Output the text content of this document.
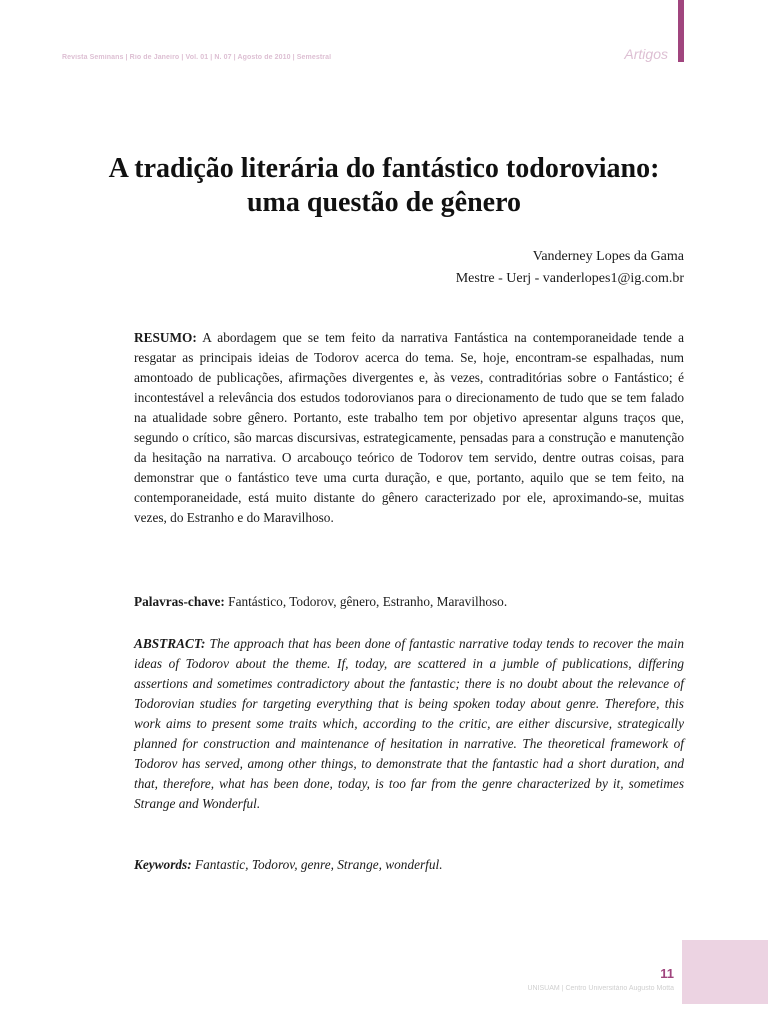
Revista Seminans | Rio de Janeiro | Vol. 01 | N. 07 | Agosto de 2010 | Semestral	Artigos
A tradição literária do fantástico todoroviano:
uma questão de gênero
Vanderney Lopes da Gama
Mestre - Uerj - vanderlopes1@ig.com.br

RESUMO: A abordagem que se tem feito da narrativa Fantástica na contemporaneidade tende a resgatar as principais ideias de Todorov acerca do tema. Se, hoje, encontram-se espalhadas, num amontoado de publicações, afirmações divergentes e, às vezes, contraditórias sobre o Fantástico; é incontestável a relevância dos estudos todorovianos para o direcionamento de tudo que se tem falado na atualidade sobre gênero. Portanto, este trabalho tem por objetivo apresentar alguns traços que, segundo o crítico, são marcas discursivas, estrategicamente, pensadas para a construção e manutenção da hesitação na narrativa. O arcabouço teórico de Todorov tem servido, dentre outras coisas, para demonstrar que o fantástico teve uma curta duração, e que, portanto, aquilo que se tem feito, na contemporaneidade, está muito distante do gênero caracterizado por ele, aproximando-se, muitas vezes, do Estranho e do Maravilhoso.

Palavras-chave: Fantástico, Todorov, gênero, Estranho, Maravilhoso.

ABSTRACT: The approach that has been done of fantastic narrative today tends to recover the main ideas of Todorov about the theme. If, today, are scattered in a jumble of publications, differing assertions and sometimes contradictory about the fantastic; there is no doubt about the relevance of Todorovian studies for targeting everything that is being spoken today about genre. Therefore, this work aims to present some traits which, according to the critic, are either discursive, strategically planned for construction and maintenance of hesitation in narrative. The theoretical framework of Todorov has served, among other things, to demonstrate that the fantastic had a short duration, and that, therefore, what has been done, today, is too far from the genre characterized by it, sometimes Strange and Wonderful.

Keywords: Fantastic, Todorov, genre, Strange, wonderful.

11
UNISUAM | Centro Universitário Augusto Motta
